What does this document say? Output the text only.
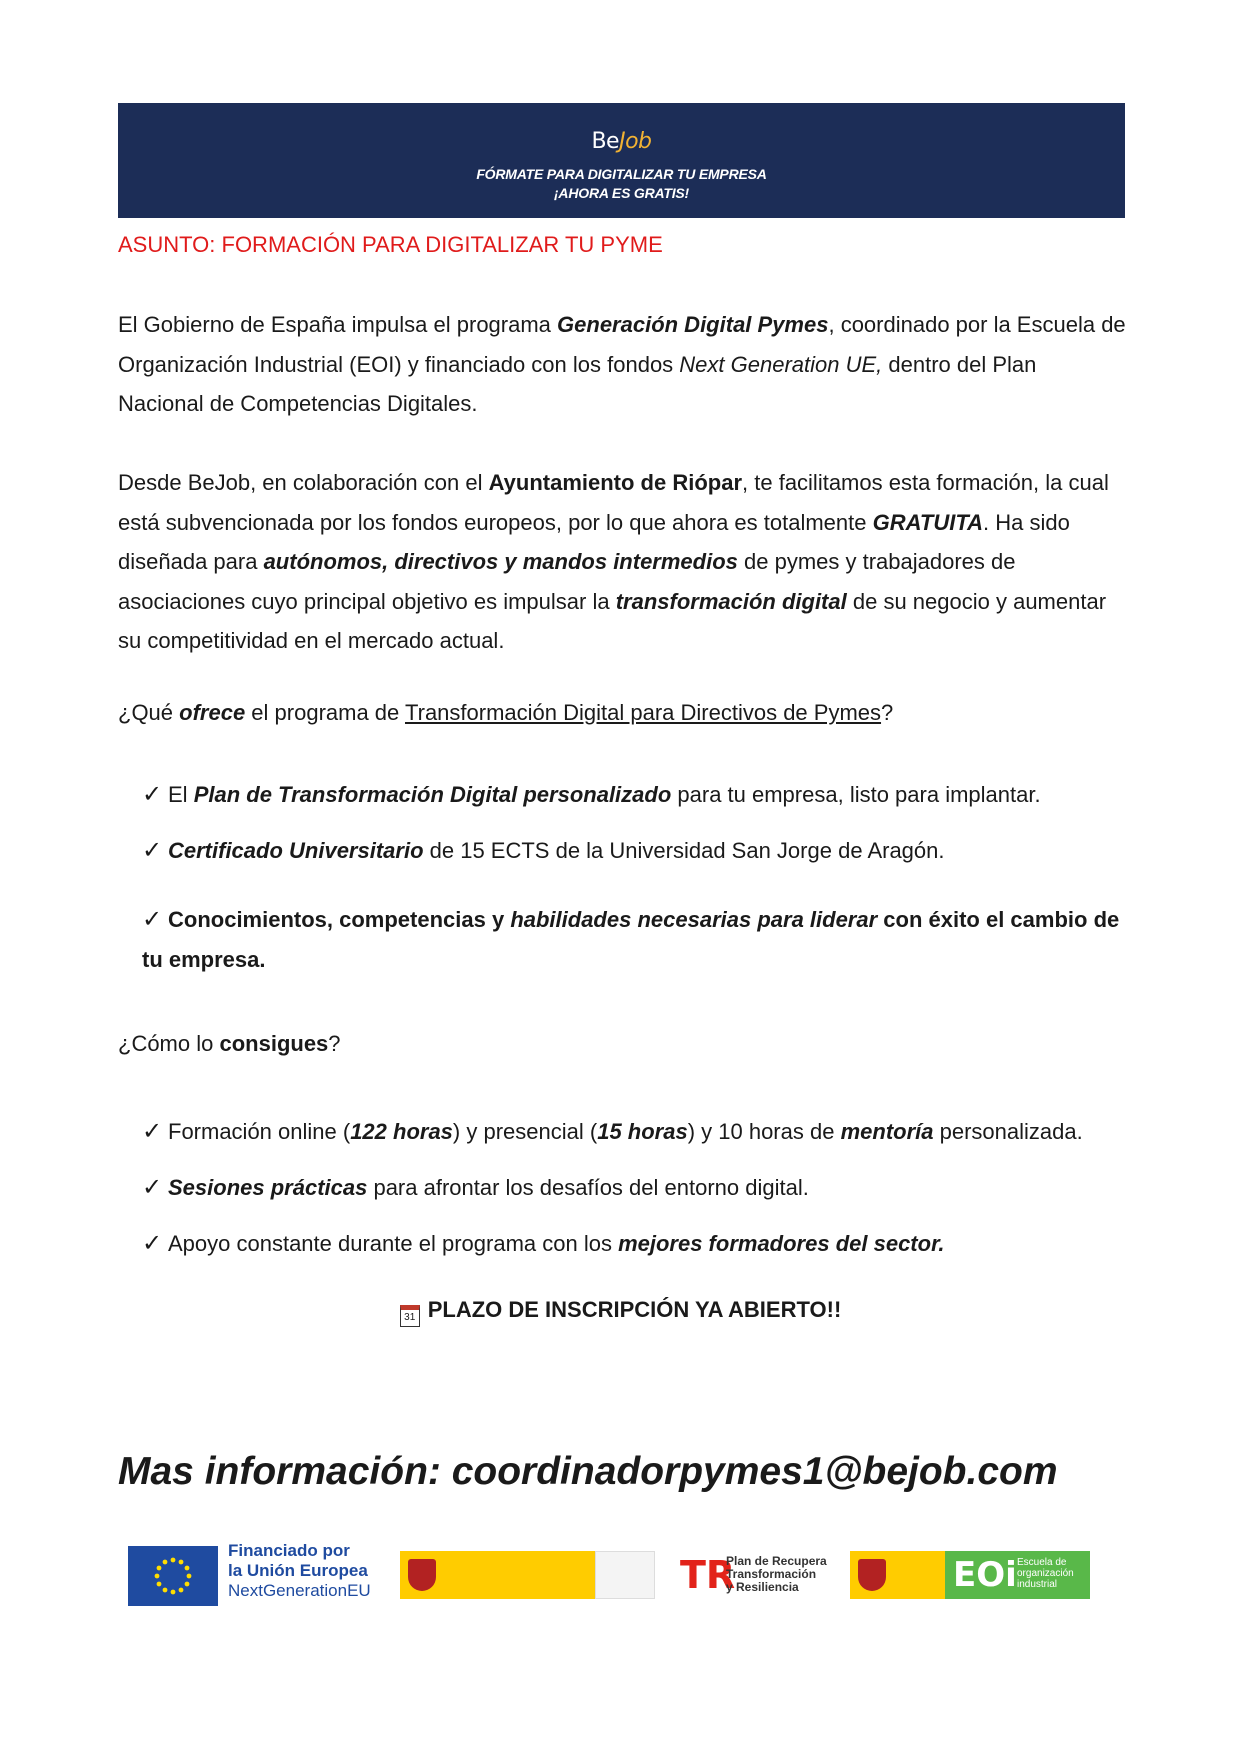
BeJob
FÓRMATE PARA DIGITALIZAR TU EMPRESA
¡AHORA ES GRATIS!
ASUNTO: FORMACIÓN PARA DIGITALIZAR TU PYME

El Gobierno de España impulsa el programa Generación Digital Pymes, coordinado por la Escuela de Organización Industrial (EOI) y financiado con los fondos Next Generation UE, dentro del Plan Nacional de Competencias Digitales.

Desde BeJob, en colaboración con el Ayuntamiento de Riópar, te facilitamos esta formación, la cual está subvencionada por los fondos europeos, por lo que ahora es totalmente GRATUITA. Ha sido diseñada para autónomos, directivos y mandos intermedios de pymes y trabajadores de asociaciones cuyo principal objetivo es impulsar la transformación digital de su negocio y aumentar su competitividad en el mercado actual.

¿Qué ofrece el programa de Transformación Digital para Directivos de Pymes?

✓ El Plan de Transformación Digital personalizado para tu empresa, listo para implantar.
✓ Certificado Universitario de 15 ECTS de la Universidad San Jorge de Aragón.
✓ Conocimientos, competencias y habilidades necesarias para liderar con éxito el cambio de tu empresa.

¿Cómo lo consigues?

✓ Formación online (122 horas) y presencial (15 horas) y 10 horas de mentoría personalizada.
✓ Sesiones prácticas para afrontar los desafíos del entorno digital.
✓ Apoyo constante durante el programa con los mejores formadores del sector.
31 PLAZO DE INSCRIPCIÓN YA ABIERTO!!
Mas información: coordinadorpymes1@bejob.com
Financiado por
la Unión Europea
NextGenerationEU	TR
Plan de Recupera
Transformación
y Resiliencia	EOi Escuela de
organización
industrial
